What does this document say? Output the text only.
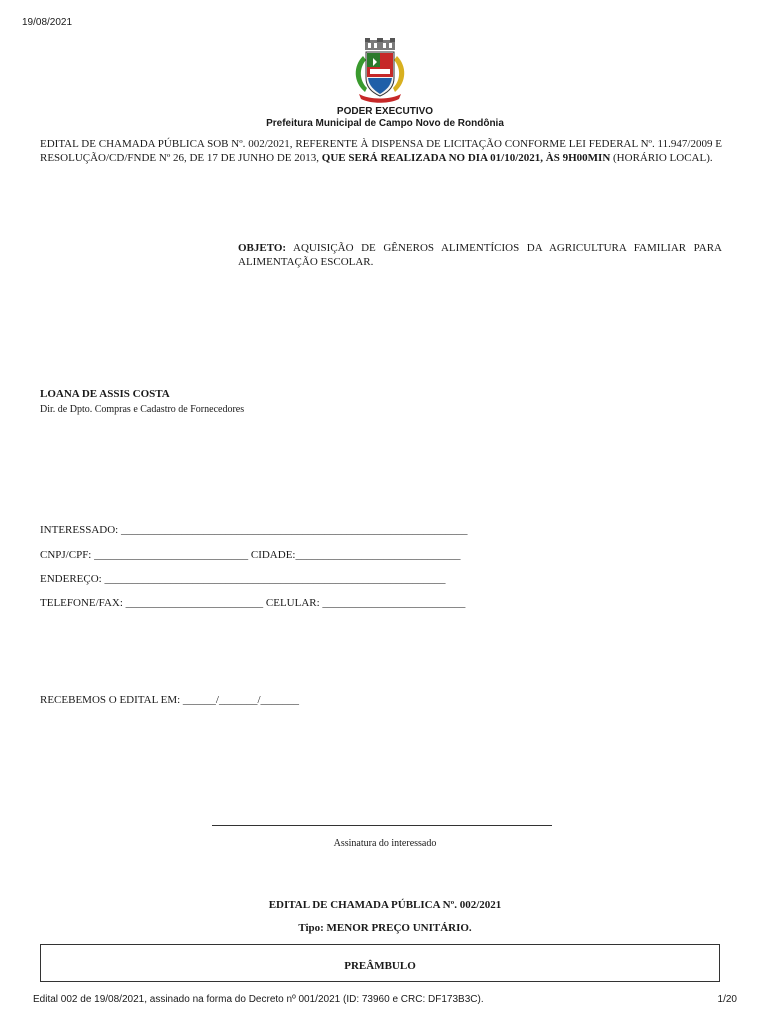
19/08/2021
PODER EXECUTIVO
Prefeitura Municipal de Campo Novo de Rondônia
EDITAL DE CHAMADA PÚBLICA SOB Nº. 002/2021, REFERENTE À DISPENSA DE LICITAÇÃO CONFORME LEI FEDERAL Nº. 11.947/2009 E RESOLUÇÃO/CD/FNDE Nº 26, DE 17 DE JUNHO DE 2013, QUE SERÁ REALIZADA NO DIA 01/10/2021, ÀS 9H00MIN (HORÁRIO LOCAL).
OBJETO: AQUISIÇÃO DE GÊNEROS ALIMENTÍCIOS DA AGRICULTURA FAMILIAR PARA ALIMENTAÇÃO ESCOLAR.
LOANA DE ASSIS COSTA
Dir. de Dpto. Compras e Cadastro de Fornecedores
INTERESSADO: _______________________________________________________________
CNPJ/CPF: ____________________________ CIDADE:______________________________
ENDEREÇO: ______________________________________________________________
TELEFONE/FAX: _________________________ CELULAR: __________________________
RECEBEMOS O EDITAL EM: ______/_______/_______
Assinatura do interessado
EDITAL DE CHAMADA PÚBLICA Nº. 002/2021
Tipo: MENOR PREÇO UNITÁRIO.
PREÂMBULO
Edital 002 de 19/08/2021, assinado na forma do Decreto nº 001/2021 (ID: 73960 e CRC: DF173B3C).	1/20
